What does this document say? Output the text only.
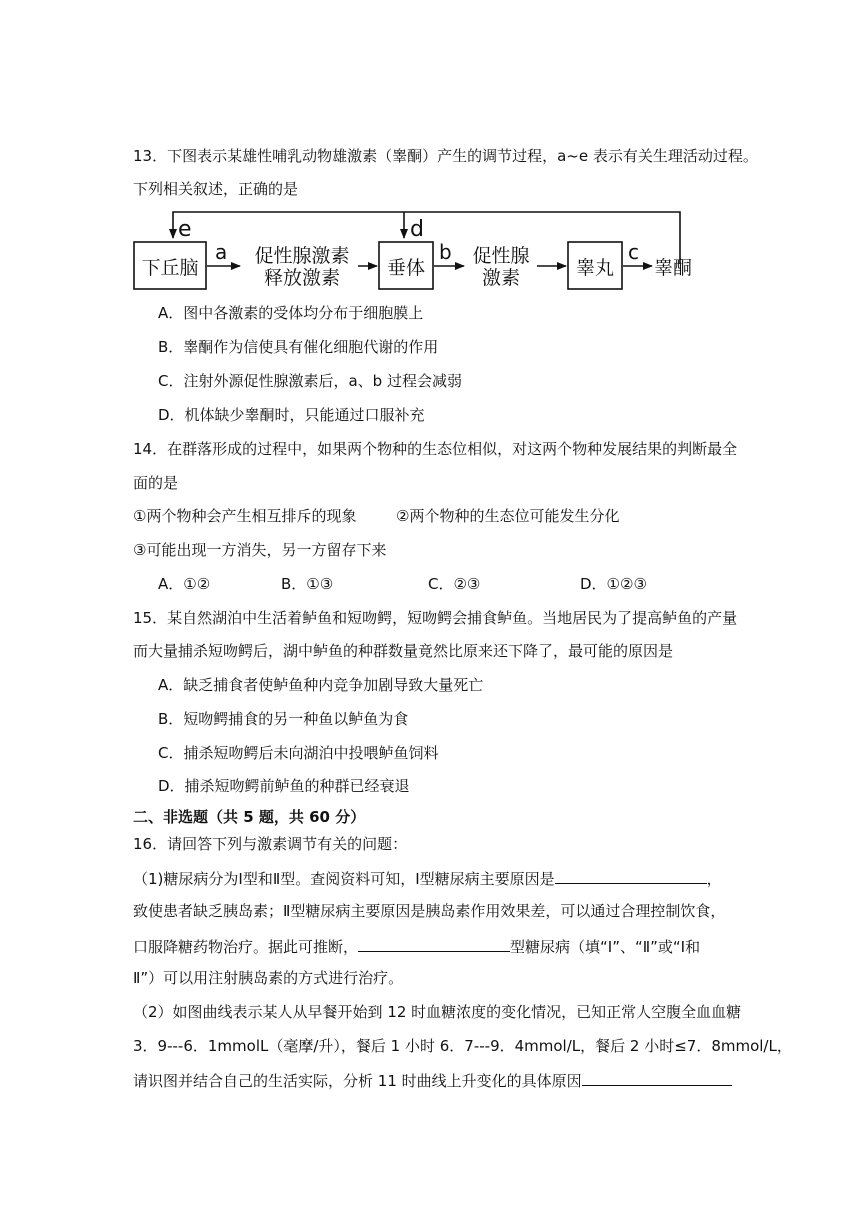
13．下图表示某雄性哺乳动物雄激素（睾酮）产生的调节过程，a~e 表示有关生理活动过程。
下列相关叙述，正确的是
e	d
下丘脑
a 促性腺激素
释放激素 垂体
b 促性腺
激素	睾丸
c
睾酮
A．图中各激素的受体均分布于细胞膜上
B．睾酮作为信使具有催化细胞代谢的作用
C．注射外源促性腺激素后，a、b 过程会减弱
D．机体缺少睾酮时，只能通过口服补充
14．在群落形成的过程中，如果两个物种的生态位相似，对这两个物种发展结果的判断最全
面的是
①两个物种会产生相互排斥的现象	②两个物种的生态位可能发生分化
③可能出现一方消失，另一方留存下来
A．①②	B．①③	C．②③	D．①②③
15．某自然湖泊中生活着鲈鱼和短吻鳄，短吻鳄会捕食鲈鱼。当地居民为了提高鲈鱼的产量
而大量捕杀短吻鳄后，湖中鲈鱼的种群数量竟然比原来还下降了，最可能的原因是
A．缺乏捕食者使鲈鱼种内竞争加剧导致大量死亡
B．短吻鳄捕食的另一种鱼以鲈鱼为食
C．捕杀短吻鳄后未向湖泊中投喂鲈鱼饲料
D．捕杀短吻鳄前鲈鱼的种群已经衰退
二、非选题（共 5 题，共 60 分）
16．请回答下列与激素调节有关的问题：
（1)糖尿病分为Ⅰ型和Ⅱ型。查阅资料可知，Ⅰ型糖尿病主要原因是	，
致使患者缺乏胰岛素；Ⅱ型糖尿病主要原因是胰岛素作用效果差，可以通过合理控制饮食，
口服降糖药物治疗。据此可推断，	型糖尿病（填“Ⅰ”、“Ⅱ”或“Ⅰ和
Ⅱ”）可以用注射胰岛素的方式进行治疗。
（2）如图曲线表示某人从早餐开始到 12 时血糖浓度的变化情况，已知正常人空腹全血血糖
3．9---6．1mmolL（毫摩/升），餐后 1 小时 6．7---9．4mmol/L，餐后 2 小时≤7．8mmol/L，
请识图并结合自己的生活实际，分析 11 时曲线上升变化的具体原因
